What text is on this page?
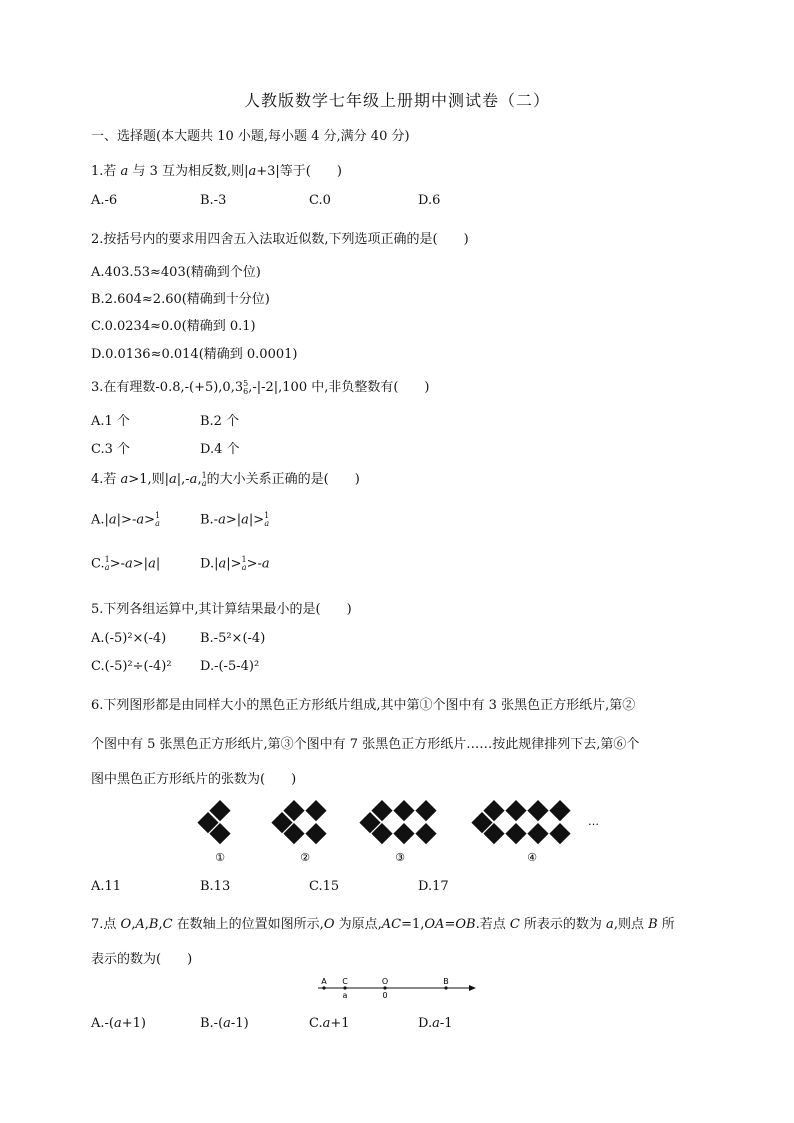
人教版数学七年级上册期中测试卷（二）
一、选择题(本大题共 10 小题,每小题 4 分,满分 40 分)
1.若 a 与 3 互为相反数,则|a+3|等于(　　)
A.-6	B.-3	C.0	D.6
2.按括号内的要求用四舍五入法取近似数,下列选项正确的是(　　)
A.403.53≈403(精确到个位)
B.2.604≈2.60(精确到十分位)
C.0.0234≈0.0(精确到 0.1)
D.0.0136≈0.014(精确到 0.0001)
3.在有理数-0.8,-(+5),0,3 5
6 ,-|-2|,100 中,非负整数有(　　)
A.1 个	B.2 个
C.3 个	D.4 个
4.若 a>1,则|a|,-a, 1
a 的大小关系正确的是(　　)
A.|a|>-a> 1
a	B.-a>|a|> 1
a
C. 1
a >-a>|a|	D.|a|> 1
a >-a
5.下列各组运算中,其计算结果最小的是(　　)
A.(-5)²×(-4)	B.-5²×(-4)
C.(-5)²÷(-4)² D.-(-5-4)²
6.下列图形都是由同样大小的黑色正方形纸片组成,其中第①个图中有 3 张黑色正方形纸片,第②
个图中有 5 张黑色正方形纸片,第③个图中有 7 张黑色正方形纸片……按此规律排列下去,第⑥个
图中黑色正方形纸片的张数为(　　)
…
①	②	③	④
A.11	B.13	C.15	D.17
7.点 O,A,B,C 在数轴上的位置如图所示,O 为原点,AC=1,OA=OB.若点 C 所表示的数为 a,则点 B 所
表示的数为(　　)
A C	O	B
a	0
A.-(a+1)	B.-(a-1)	C.a+1	D.a-1
